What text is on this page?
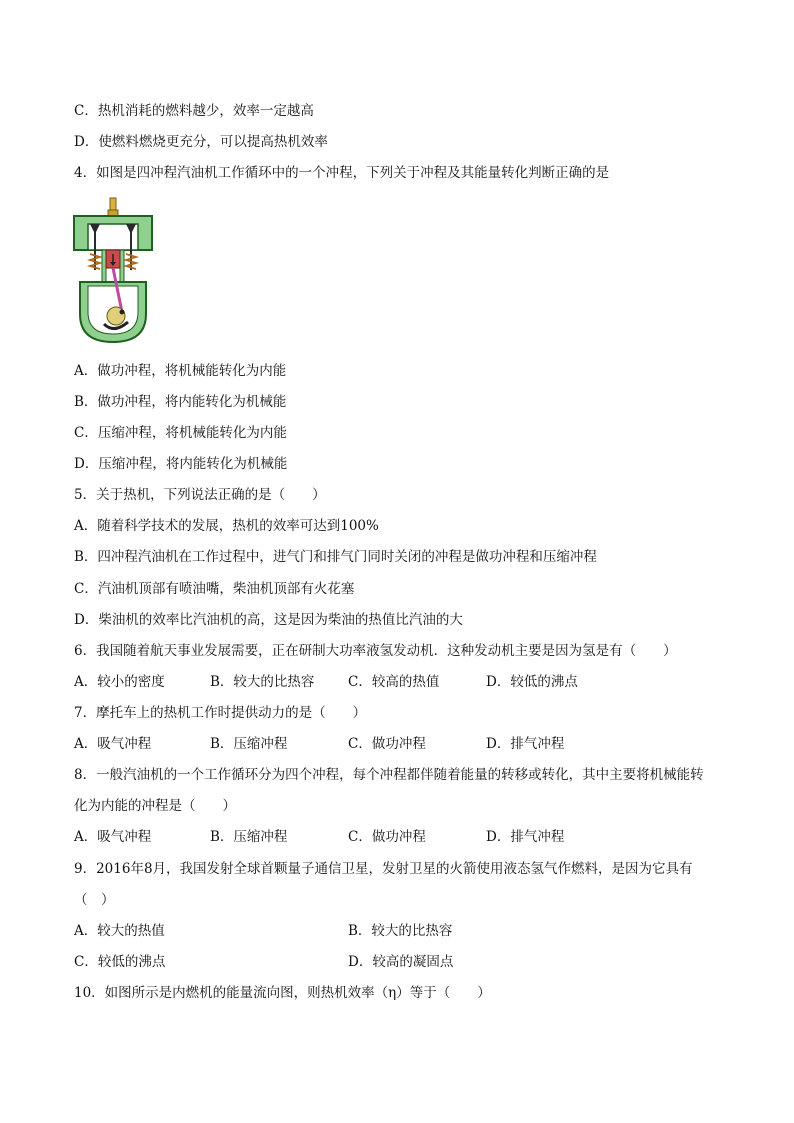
C．热机消耗的燃料越少，效率一定越高
D．使燃料燃烧更充分，可以提高热机效率
4．如图是四冲程汽油机工作循环中的一个冲程，下列关于冲程及其能量转化判断正确的是
A．做功冲程，将机械能转化为内能
B．做功冲程，将内能转化为机械能
C．压缩冲程，将机械能转化为内能
D．压缩冲程，将内能转化为机械能
5．关于热机，下列说法正确的是（　　）
A．随着科学技术的发展，热机的效率可达到100%
B．四冲程汽油机在工作过程中，进气门和排气门同时关闭的冲程是做功冲程和压缩冲程
C．汽油机顶部有喷油嘴，柴油机顶部有火花塞
D．柴油机的效率比汽油机的高，这是因为柴油的热值比汽油的大
6．我国随着航天事业发展需要，正在研制大功率液氢发动机．这种发动机主要是因为氢是有（　　）
A．较小的密度	B．较大的比热容 C．较高的热值	D．较低的沸点
7．摩托车上的热机工作时提供动力的是（　　）
A．吸气冲程	B．压缩冲程	C．做功冲程	D．排气冲程
8．一般汽油机的一个工作循环分为四个冲程，每个冲程都伴随着能量的转移或转化，其中主要将机械能转
化为内能的冲程是（　　）
A．吸气冲程	B．压缩冲程	C．做功冲程	D．排气冲程
9．2016年8月，我国发射全球首颗量子通信卫星，发射卫星的火箭使用液态氢气作燃料，是因为它具有
（　）
A．较大的热值	B．较大的比热容
C．较低的沸点	D．较高的凝固点
10．如图所示是内燃机的能量流向图，则热机效率（η）等于（　　）
